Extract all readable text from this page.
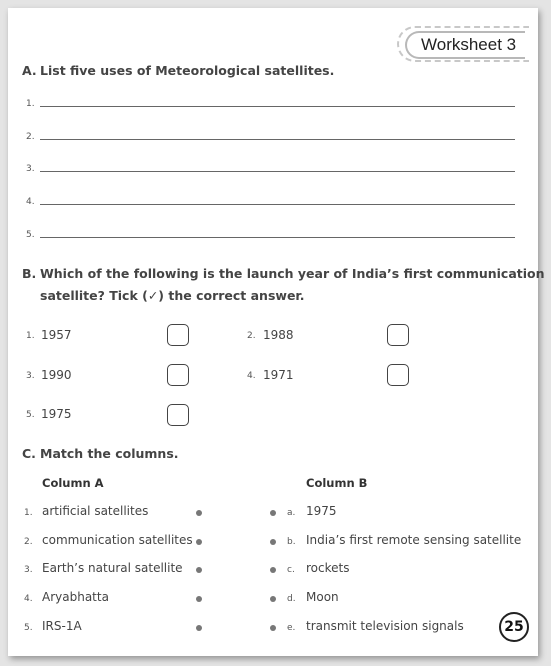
Worksheet 3
A. List five uses of Meteorological satellites.
1.
2.
3.
4.
5.
B. Which of the following is the launch year of India’s first communication
satellite? Tick (✓) the correct answer.
1. 1957	2. 1988
3. 1990	4. 1971
5. 1975
C. Match the columns.
Column A	Column B
1. artificial satellites	a. 1975
2. communication satellites	b. India’s first remote sensing satellite
3. Earth’s natural satellite	c. rockets
4. Aryabhatta	d. Moon
5. IRS-1A	e. transmit television signals	25
